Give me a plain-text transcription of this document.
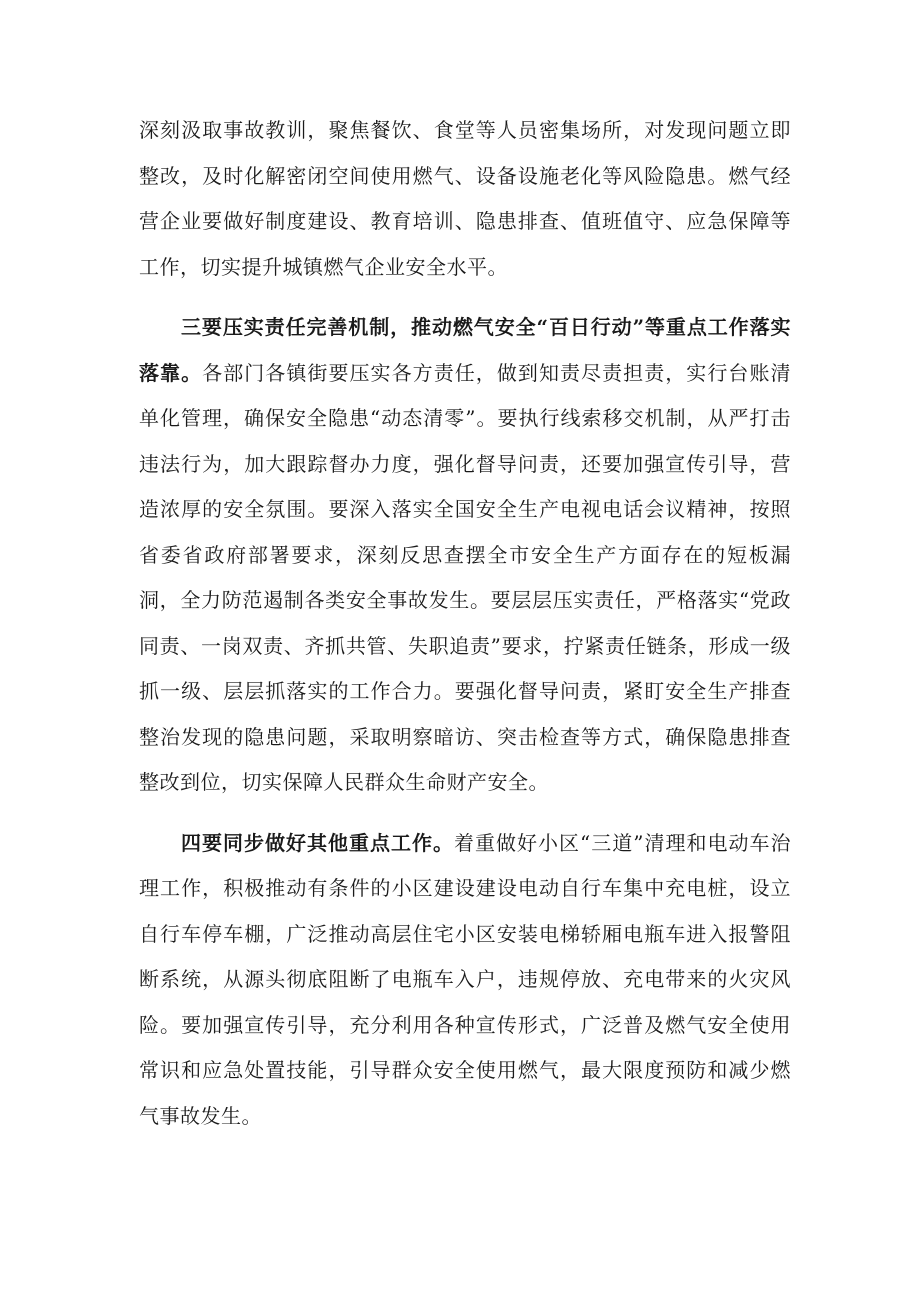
深刻汲取事故教训，聚焦餐饮、食堂等人员密集场所，对发现问题立即整改，及时化解密闭空间使用燃气、设备设施老化等风险隐患。燃气经营企业要做好制度建设、教育培训、隐患排查、值班值守、应急保障等工作，切实提升城镇燃气企业安全水平。

三要压实责任完善机制，推动燃气安全“百日行动”等重点工作落实落靠。各部门各镇街要压实各方责任，做到知责尽责担责，实行台账清单化管理，确保安全隐患“动态清零”。要执行线索移交机制，从严打击违法行为，加大跟踪督办力度，强化督导问责，还要加强宣传引导，营造浓厚的安全氛围。要深入落实全国安全生产电视电话会议精神，按照省委省政府部署要求，深刻反思查摆全市安全生产方面存在的短板漏洞，全力防范遏制各类安全事故发生。要层层压实责任，严格落实“党政同责、一岗双责、齐抓共管、失职追责”要求，拧紧责任链条，形成一级抓一级、层层抓落实的工作合力。要强化督导问责，紧盯安全生产排查整治发现的隐患问题，采取明察暗访、突击检查等方式，确保隐患排查整改到位，切实保障人民群众生命财产安全。

四要同步做好其他重点工作。着重做好小区“三道”清理和电动车治理工作，积极推动有条件的小区建设建设电动自行车集中充电桩，设立自行车停车棚，广泛推动高层住宅小区安装电梯轿厢电瓶车进入报警阻断系统，从源头彻底阻断了电瓶车入户，违规停放、充电带来的火灾风险。要加强宣传引导，充分利用各种宣传形式，广泛普及燃气安全使用常识和应急处置技能，引导群众安全使用燃气，最大限度预防和减少燃气事故发生。
